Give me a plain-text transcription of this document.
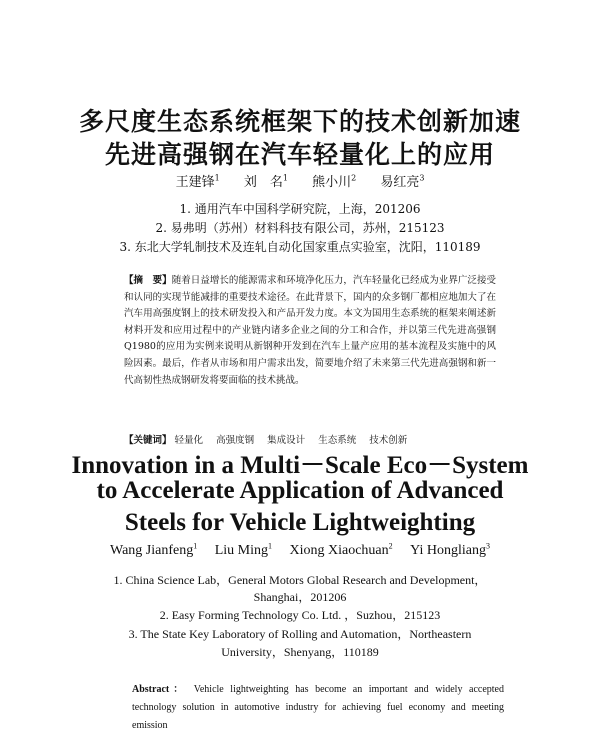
多尺度生态系统框架下的技术创新加速
先进高强钢在汽车轻量化上的应用
王建锋$^1$ 刘　名$^1$ 熊小川$^2$ 易红亮$^3$
1. 通用汽车中国科学研究院，上海，201206
2. 易弗明（苏州）材料科技有限公司，苏州，215123
3. 东北大学轧制技术及连轧自动化国家重点实验室，沈阳，110189
【摘　要】随着日益增长的能源需求和环境净化压力，汽车轻量化已经成为业界广泛接受和认同的实现节能减排的重要技术途径。在此背景下，国内的众多钢厂都相应地加大了在汽车用高强度钢上的技术研发投入和产品开发力度。本文为国用生态系统的框架来阐述新材料开发和应用过程中的产业链内诸多企业之间的分工和合作，并以第三代先进高强钢Q1980的应用为实例来说明从新钢种开发到在汽车上量产应用的基本流程及实施中的风险因素。最后，作者从市场和用户需求出发，简要地介绍了未来第三代先进高强钢和新一代高韧性热成钢研发将要面临的技术挑战。
【关键词】 轻量化 高强度钢 集成设计 生态系统 技术创新
Innovation in a Multi－Scale Eco－System
to Accelerate Application of Advanced
Steels for Vehicle Lightweighting
Wang Jianfeng$^1$ Liu Ming$^1$ Xiong Xiaochuan$^2$ Yi Hongliang$^3$
1. China Science Lab，General Motors Global Research and Development，
Shanghai，201206
2. Easy Forming Technology Co. Ltd. ，Suzhou，215123
3. The State Key Laboratory of Rolling and Automation，Northeastern
University，Shenyang，110189
Abstract： Vehicle lightweighting has become an important and widely accepted technology solution in automotive industry for achieving fuel economy and meeting emission
